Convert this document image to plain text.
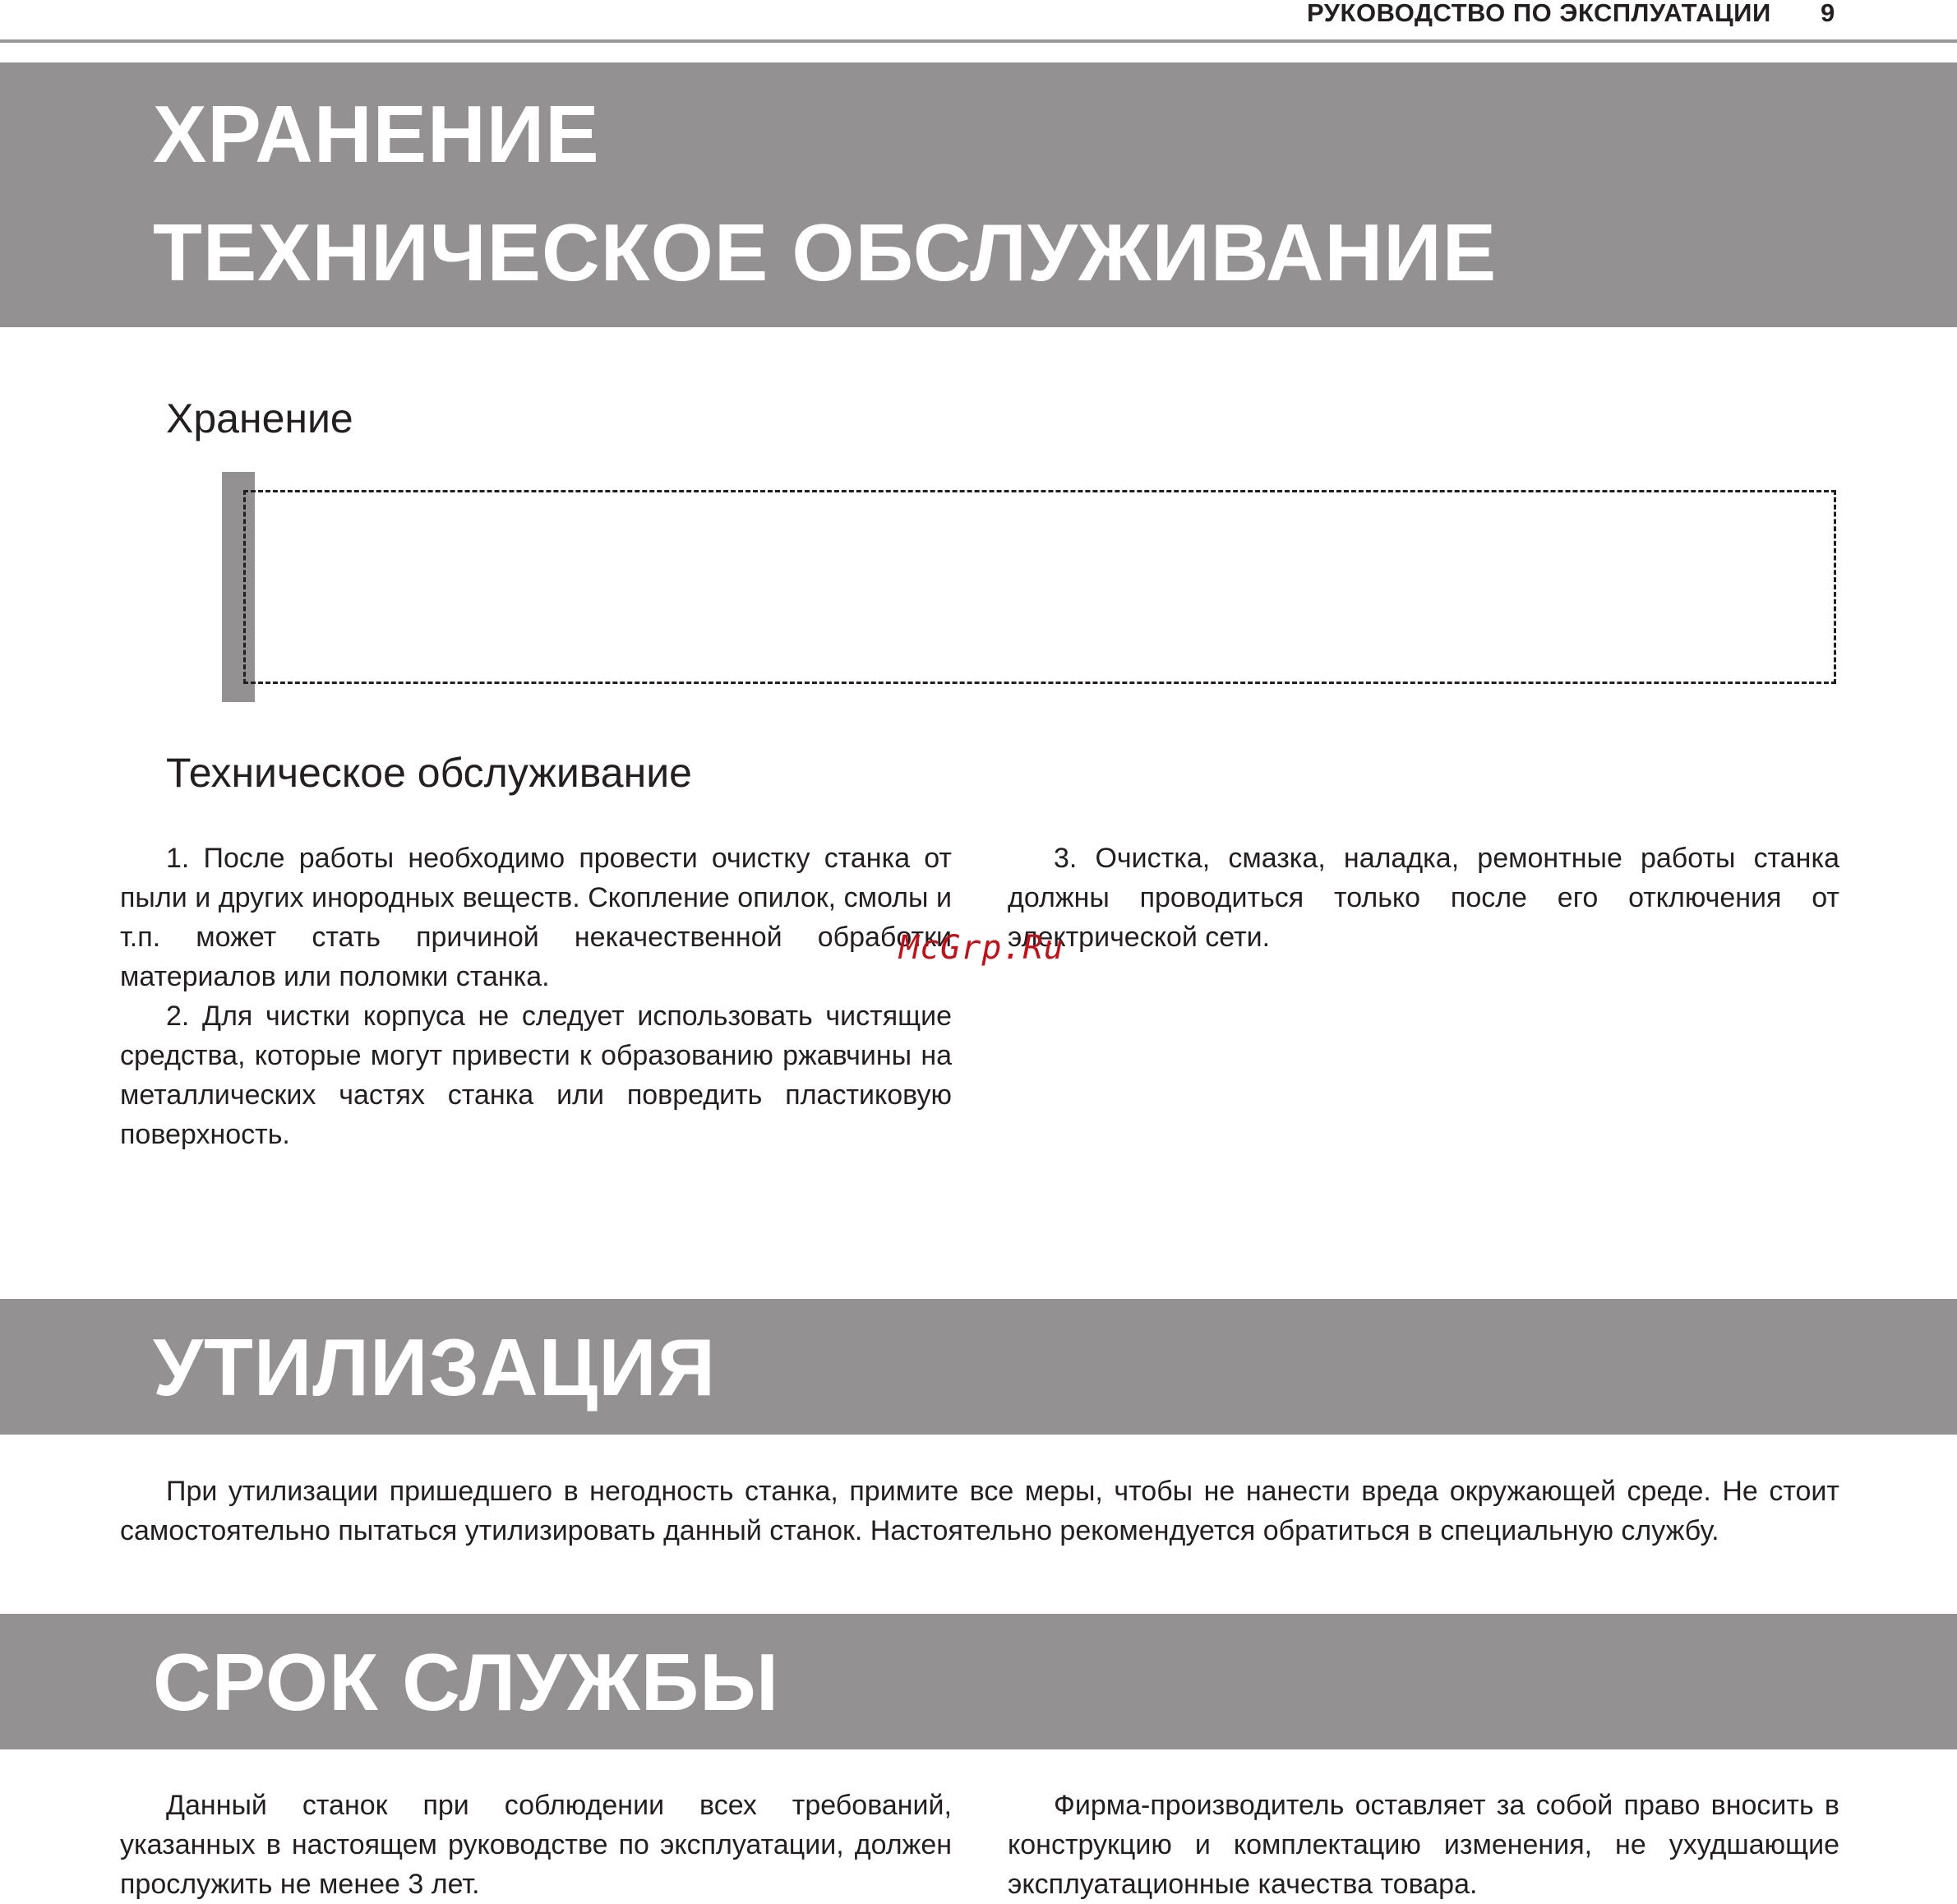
РУКОВОДСТВО ПО ЭКСПЛУАТАЦИИ 9
ХРАНЕНИЕ
ТЕХНИЧЕСКОЕ ОБСЛУЖИВАНИЕ
Хранение
Техническое обслуживание

1. После работы необходимо провести очистку станка от пыли и других инородных веществ. Скопление опилок, смолы и т.п. может стать причиной некачественной обработки материалов или поломки станка.

2. Для чистки корпуса не следует использовать чистящие средства, которые могут привести к образованию ржавчины на металлических частях станка или повредить пластиковую поверхность.

3. Очистка, смазка, наладка, ремонтные работы станка должны проводиться только после его отключения от электрической сети.

McGrp.Ru
УТИЛИЗАЦИЯ

При утилизации пришедшего в негодность станка, примите все меры, чтобы не нанести вреда окружающей среде. Не стоит самостоятельно пытаться утилизировать данный станок. Настоятельно рекомендуется обратиться в специальную службу.

СРОК СЛУЖБЫ

Данный станок при соблюдении всех требований, указанных в настоящем руководстве по эксплуатации, должен прослужить не менее 3 лет.

Фирма-производитель оставляет за собой право вносить в конструкцию и комплектацию изменения, не ухудшающие эксплуатационные качества товара.
